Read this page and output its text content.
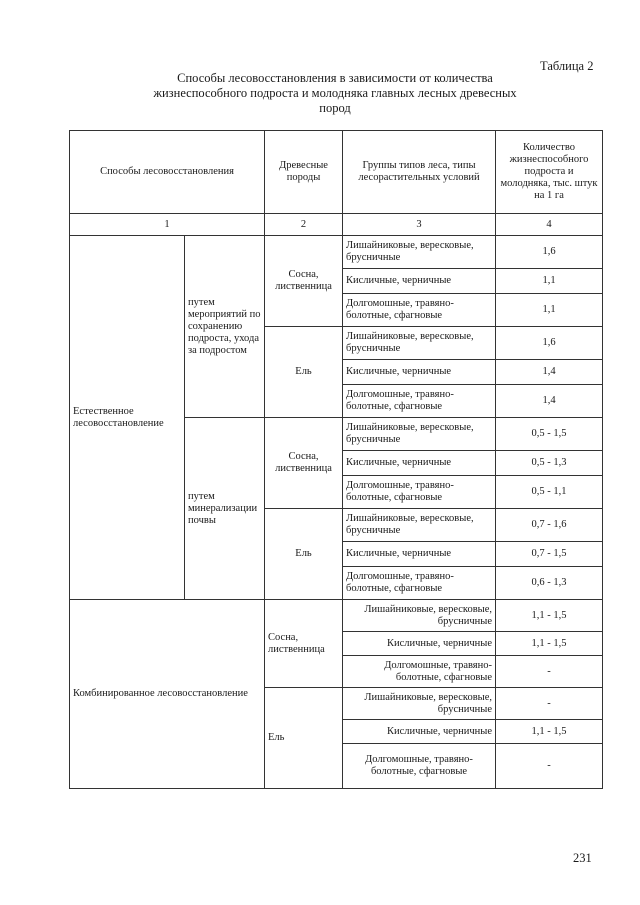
Таблица 2
Способы лесовосстановления в зависимости от количества жизнеспособного подроста и молодняка главных лесных древесных пород
Способы лесовосстановления		Древесные породы	Группы типов леса, типы лесорастительных условий	Количество жизнеспособного подроста и молодняка, тыс. штук на 1 га
1		2	3	4
Естественное лесовосстановление	путем мероприятий по сохранению подроста, ухода за подростом	Сосна, лиственница	Лишайниковые, вересковые, брусничные	1,6
			Кисличные, черничные	1,1
			Долгомошные, травяно-болотные, сфагновые	1,1
		Ель	Лишайниковые, вересковые, брусничные	1,6
			Кисличные, черничные	1,4
			Долгомошные, травяно-болотные, сфагновые	1,4
	путем минерализации почвы	Сосна, лиственница	Лишайниковые, вересковые, брусничные	0,5 - 1,5
			Кисличные, черничные	0,5 - 1,3
			Долгомошные, травяно-болотные, сфагновые	0,5 - 1,1
		Ель	Лишайниковые, вересковые, брусничные	0,7 - 1,6
			Кисличные, черничные	0,7 - 1,5
			Долгомошные, травяно-болотные, сфагновые	0,6 - 1,3
Комбинированное лесовосстановление		Сосна, лиственница	Лишайниковые, вересковые, брусничные	1,1 - 1,5
			Кисличные, черничные	1,1 - 1,5
			Долгомошные, травяно-болотные, сфагновые	-
		Ель	Лишайниковые, вересковые, брусничные	-
			Кисличные, черничные	1,1 - 1,5
			Долгомошные, травяно-болотные, сфагновые	-
231
